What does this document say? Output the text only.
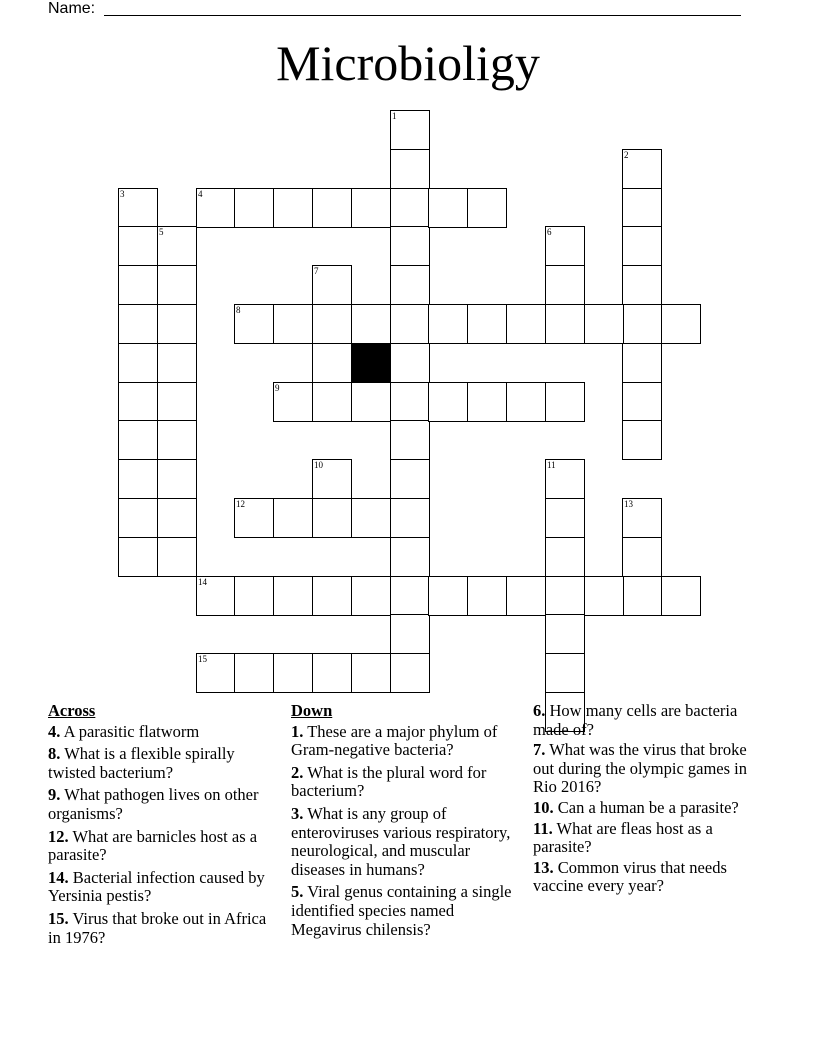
Name:
Microbioligy
1
2
3
5	6
7
10	11
13
4
8
9
12
14
15
Across
4. A parasitic flatworm
8. What is a flexible spirally twisted bacterium?
9. What pathogen lives on other organisms?
12. What are barnicles host as a parasite?
14. Bacterial infection caused by Yersinia pestis?
15. Virus that broke out in Africa in 1976?
Down
1. These are a major phylum of Gram-negative bacteria?
2. What is the plural word for bacterium?
3. What is any group of enteroviruses various respiratory, neurological, and muscular diseases in humans?
5. Viral genus containing a single identified species named Megavirus chilensis?
6. How many cells are bacteria made of?
7. What was the virus that broke out during the olympic games in Rio 2016?
10. Can a human be a parasite?
11. What are fleas host as a parasite?
13. Common virus that needs vaccine every year?
